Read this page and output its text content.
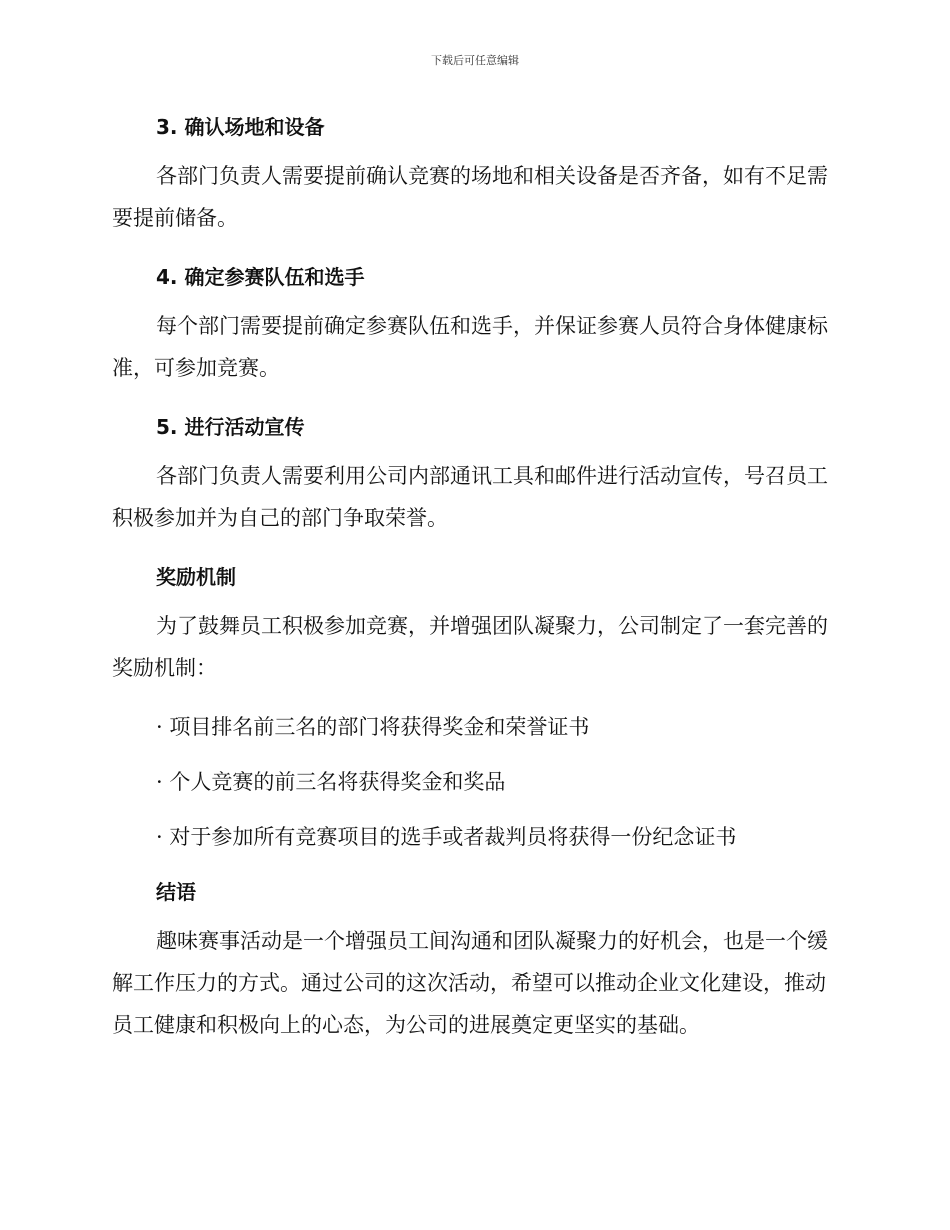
下载后可任意编辑
3. 确认场地和设备

各部门负责人需要提前确认竞赛的场地和相关设备是否齐备，如有不足需要提前储备。

4. 确定参赛队伍和选手

每个部门需要提前确定参赛队伍和选手，并保证参赛人员符合身体健康标准，可参加竞赛。

5. 进行活动宣传

各部门负责人需要利用公司内部通讯工具和邮件进行活动宣传，号召员工积极参加并为自己的部门争取荣誉。

奖励机制

为了鼓舞员工积极参加竞赛，并增强团队凝聚力，公司制定了一套完善的奖励机制：

· 项目排名前三名的部门将获得奖金和荣誉证书

· 个人竞赛的前三名将获得奖金和奖品

· 对于参加所有竞赛项目的选手或者裁判员将获得一份纪念证书

结语

趣味赛事活动是一个增强员工间沟通和团队凝聚力的好机会，也是一个缓解工作压力的方式。通过公司的这次活动，希望可以推动企业文化建设，推动员工健康和积极向上的心态，为公司的进展奠定更坚实的基础。
